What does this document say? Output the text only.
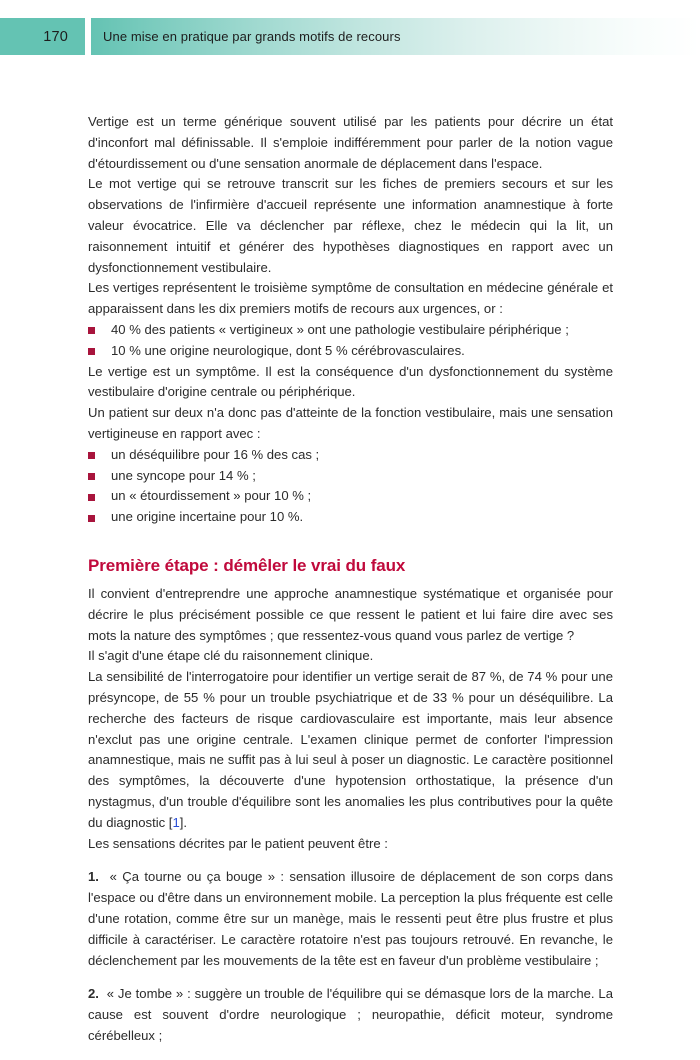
170	Une mise en pratique par grands motifs de recours

Vertige est un terme générique souvent utilisé par les patients pour décrire un état d'inconfort mal définissable. Il s'emploie indifféremment pour parler de la notion vague d'étourdissement ou d'une sensation anormale de déplacement dans l'espace.

Le mot vertige qui se retrouve transcrit sur les fiches de premiers secours et sur les observations de l'infirmière d'accueil représente une information anamnestique à forte valeur évocatrice. Elle va déclencher par réflexe, chez le médecin qui la lit, un raisonnement intuitif et générer des hypothèses diagnostiques en rapport avec un dysfonctionnement vestibulaire.

Les vertiges représentent le troisième symptôme de consultation en médecine générale et apparaissent dans les dix premiers motifs de recours aux urgences, or :

40 % des patients « vertigineux » ont une pathologie vestibulaire périphérique ;
10 % une origine neurologique, dont 5 % cérébrovasculaires.

Le vertige est un symptôme. Il est la conséquence d'un dysfonctionnement du système vestibulaire d'origine centrale ou périphérique.

Un patient sur deux n'a donc pas d'atteinte de la fonction vestibulaire, mais une sensation vertigineuse en rapport avec :

un déséquilibre pour 16 % des cas ;
une syncope pour 14 % ;
un « étourdissement » pour 10 % ;
une origine incertaine pour 10 %.
Première étape : démêler le vrai du faux

Il convient d'entreprendre une approche anamnestique systématique et organisée pour décrire le plus précisément possible ce que ressent le patient et lui faire dire avec ses mots la nature des symptômes ; que ressentez-vous quand vous parlez de vertige ?

Il s'agit d'une étape clé du raisonnement clinique.

La sensibilité de l'interrogatoire pour identifier un vertige serait de 87 %, de 74 % pour une présyncope, de 55 % pour un trouble psychiatrique et de 33 % pour un déséquilibre. La recherche des facteurs de risque cardiovasculaire est importante, mais leur absence n'exclut pas une origine centrale. L'examen clinique permet de conforter l'impression anamnestique, mais ne suffit pas à lui seul à poser un diagnostic. Le caractère positionnel des symptômes, la découverte d'une hypotension orthostatique, la présence d'un nystagmus, d'un trouble d'équilibre sont les anomalies les plus contributives pour la quête du diagnostic [1].

Les sensations décrites par le patient peuvent être :

1. « Ça tourne ou ça bouge » : sensation illusoire de déplacement de son corps dans l'espace ou d'être dans un environnement mobile. La perception la plus fréquente est celle d'une rotation, comme être sur un manège, mais le ressenti peut être plus frustre et plus difficile à caractériser. Le caractère rotatoire n'est pas toujours retrouvé. En revanche, le déclenchement par les mouvements de la tête est en faveur d'un problème vestibulaire ;

2. « Je tombe » : suggère un trouble de l'équilibre qui se démasque lors de la marche. La cause est souvent d'ordre neurologique ; neuropathie, déficit moteur, syndrome cérébelleux ;
